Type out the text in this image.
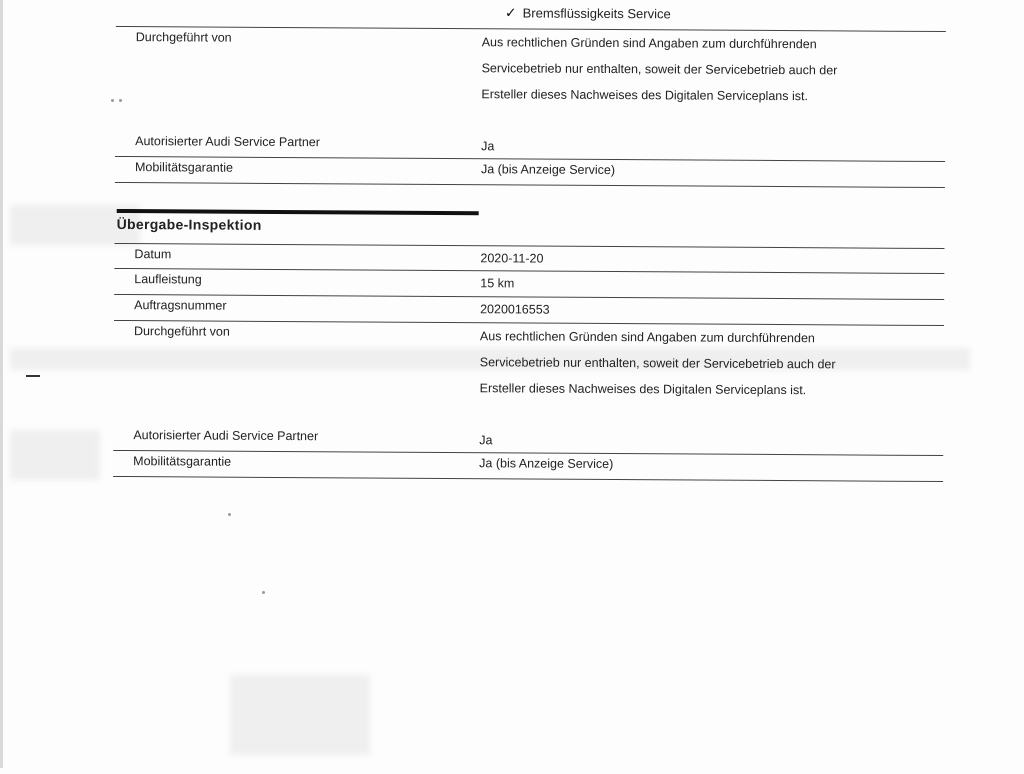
✓ Bremsflüssigkeits Service
Durchgeführt von	Aus rechtlichen Gründen sind Angaben zum durchführenden
Servicebetrieb nur enthalten, soweit der Servicebetrieb auch der
Ersteller dieses Nachweises des Digitalen Serviceplans ist.
Autorisierter Audi Service Partner	Ja
Mobilitätsgarantie	Ja (bis Anzeige Service)
Übergabe-Inspektion
Datum	2020-11-20
Laufleistung	15 km
Auftragsnummer	2020016553
Durchgeführt von	Aus rechtlichen Gründen sind Angaben zum durchführenden
Servicebetrieb nur enthalten, soweit der Servicebetrieb auch der
Ersteller dieses Nachweises des Digitalen Serviceplans ist.
Autorisierter Audi Service Partner	Ja
Mobilitätsgarantie	Ja (bis Anzeige Service)
